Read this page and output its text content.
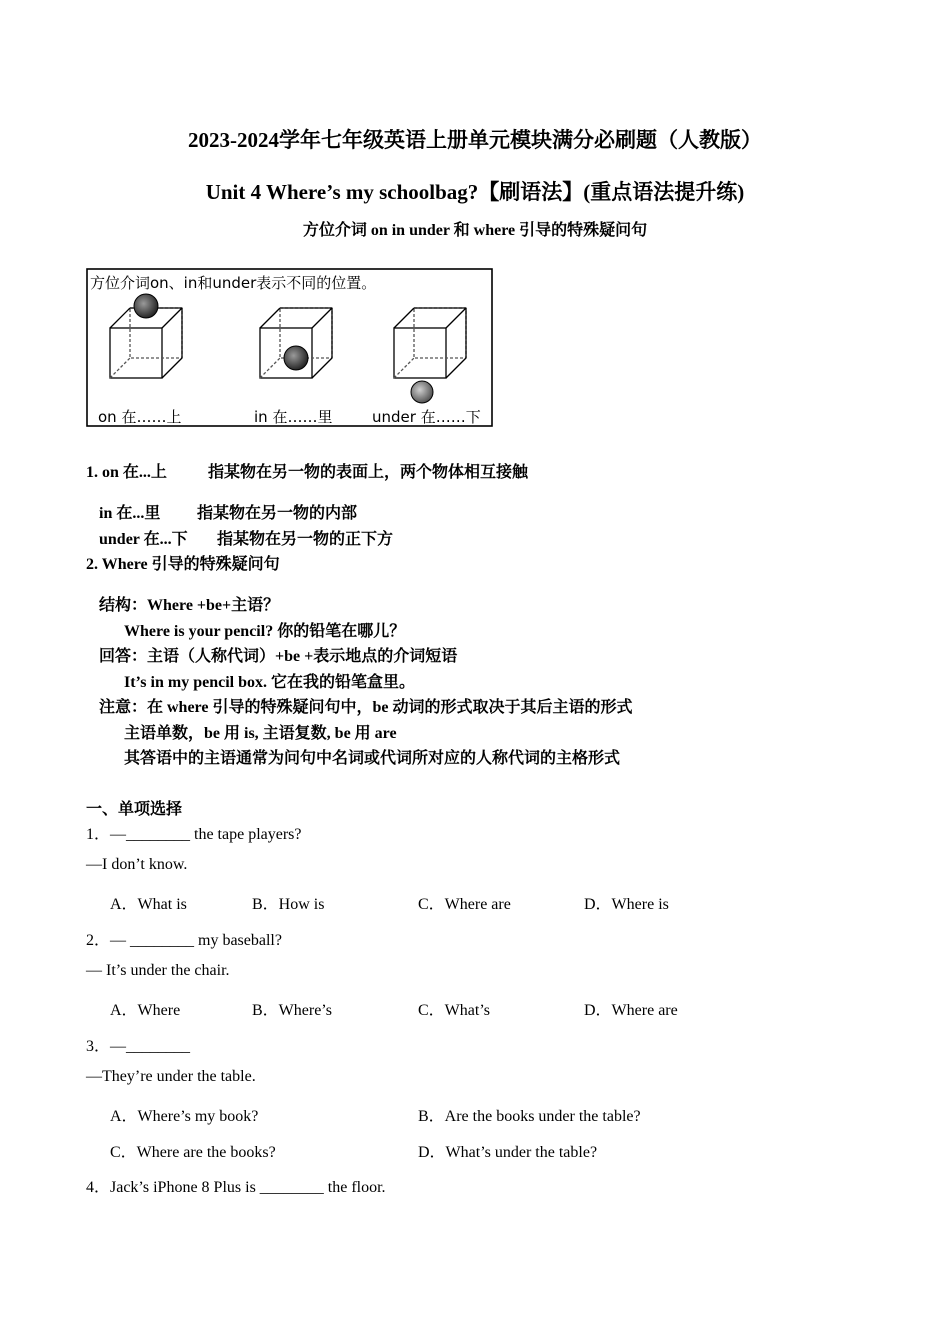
2023-2024学年七年级英语上册单元模块满分必刷题（人教版）
Unit 4 Where’s my schoolbag?【刷语法】(重点语法提升练)
方位介词 on in under 和 where 引导的特殊疑问句
方位介词on、in和under表示不同的位置。
on 在……上	in 在……里	under 在……下
1. on 在...上	指某物在另一物的表面上，两个物体相互接触
in 在...里 指某物在另一物的内部
under 在...下 指某物在另一物的正下方
2. Where 引导的特殊疑问句
结构：Where +be+主语？
Where is your pencil? 你的铅笔在哪儿？
回答：主语（人称代词）+be +表示地点的介词短语
It’s in my pencil box. 它在我的铅笔盒里。
注意：在 where 引导的特殊疑问句中，be 动词的形式取决于其后主语的形式
主语单数，be 用 is, 主语复数, be 用 are
其答语中的主语通常为问句中名词或代词所对应的人称代词的主格形式
一、单项选择
1．—________ the tape players?
—I don’t know.
A．What is	B．How is	C．Where are	D．Where is
2．— ________ my baseball?
— It’s under the chair.
A．Where	B．Where’s	C．What’s	D．Where are
3．—________
—They’re under the table.
A．Where’s my book?	B．Are the books under the table?
C．Where are the books?	D．What’s under the table?
4．Jack’s iPhone 8 Plus is ________ the floor.
